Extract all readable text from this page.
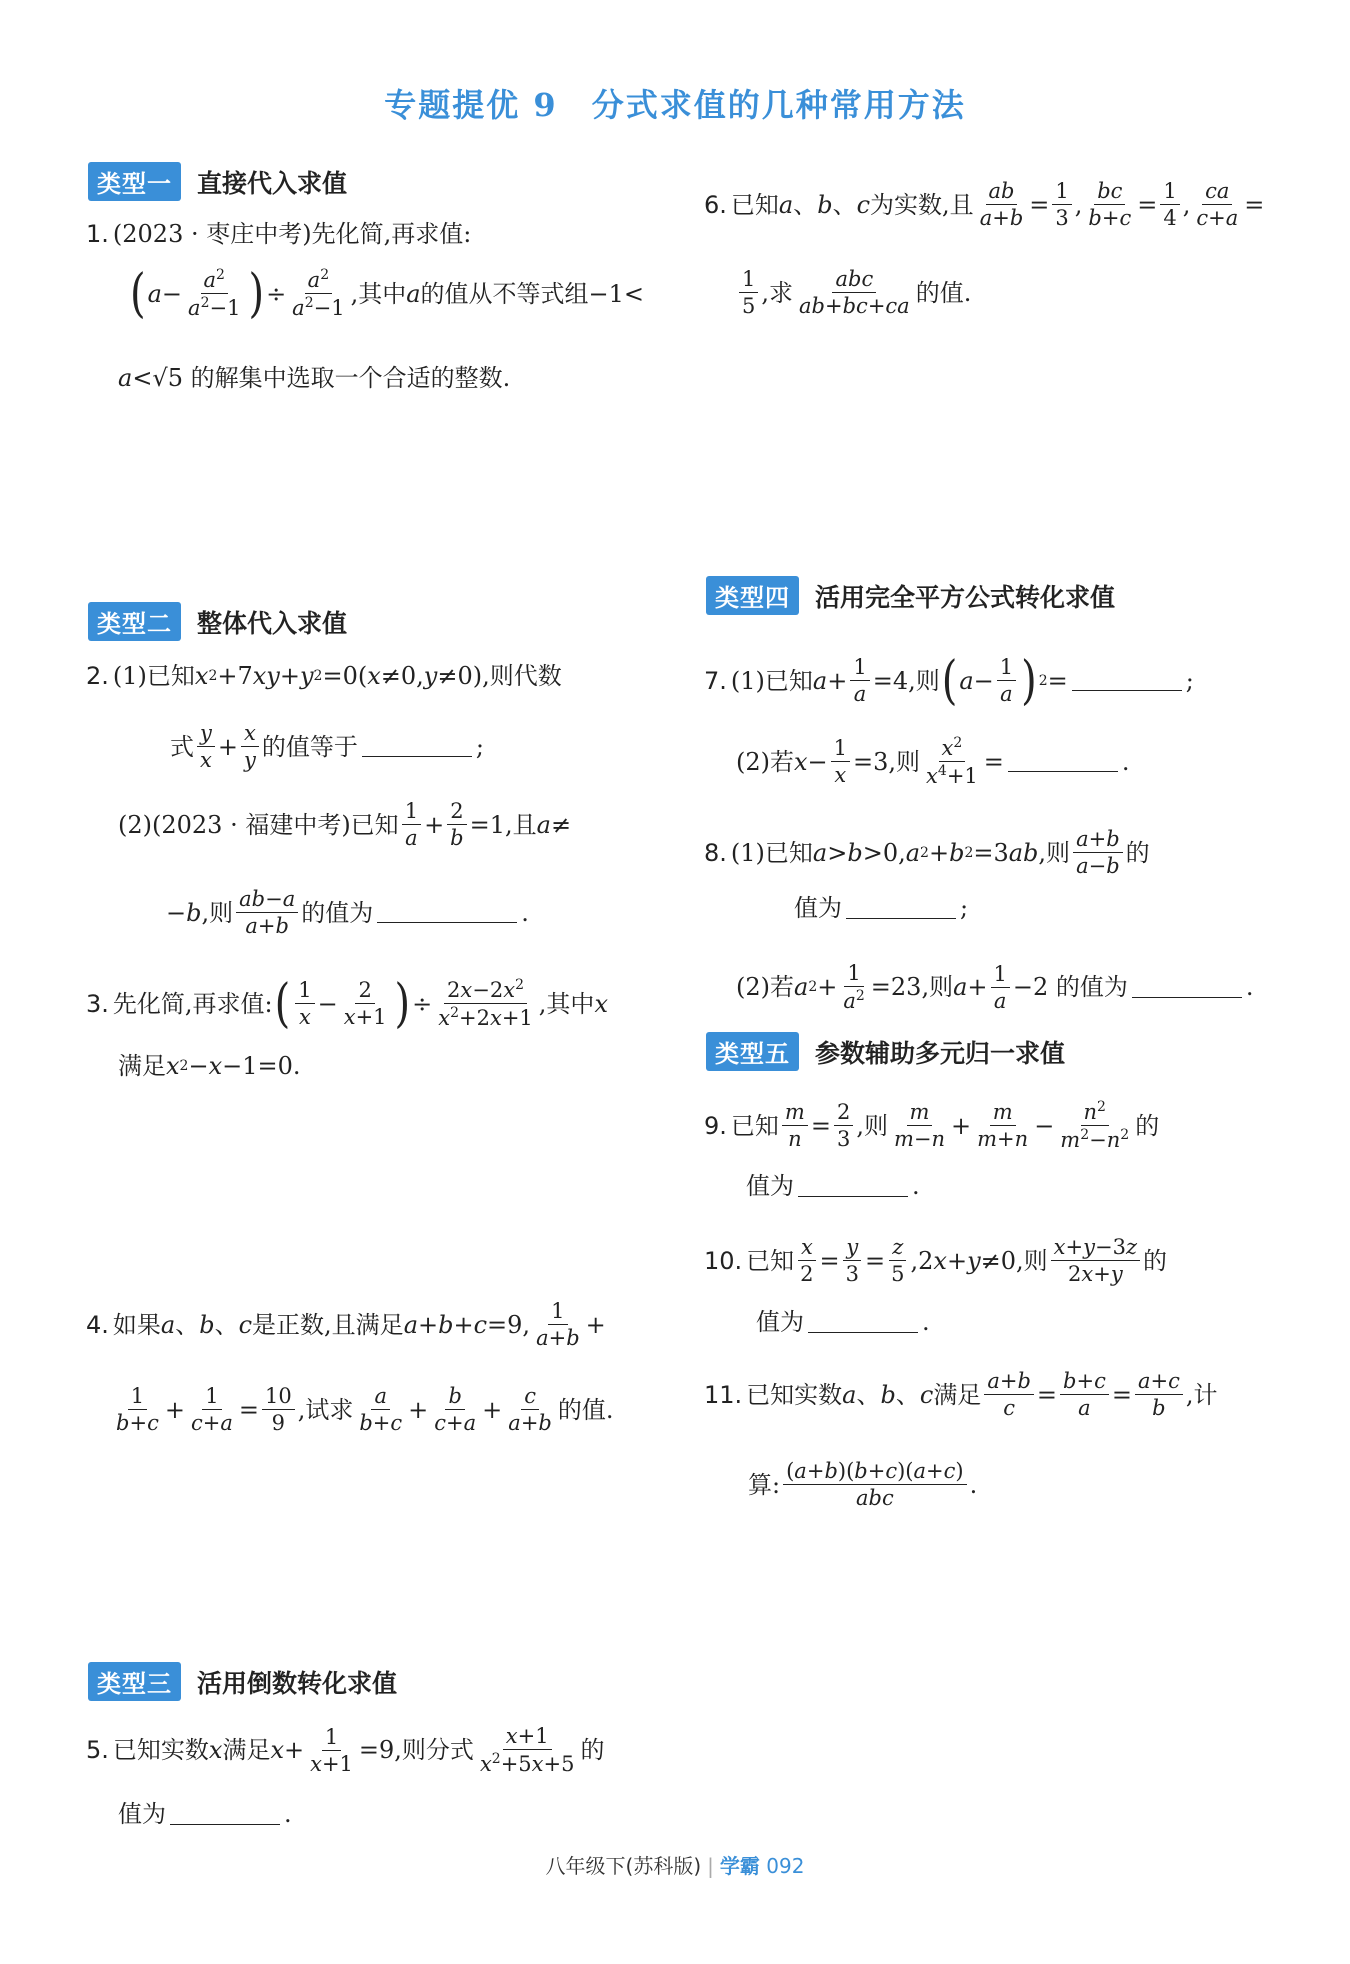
专题提优 9　分式求值的几种常用方法
类型一	直接代入求值
1. (2023 · 枣庄中考)先化简,再求值:
( $a - \frac{a^2}{a^2-1}$ ) ÷ $\frac{a^2}{a^2-1}$ ,其中 a 的值从不等式组−1<
a <√5 的解集中选取一个合适的整数.
类型二	整体代入求值
2. (1)已知 x 2 +7 xy + y 2 =0( x ≠0, y ≠0),则代数
式 $\frac{y}{x} + \frac{x}{y}$ 的值等于	;
(2)(2023 · 福建中考)已知 $\frac{1}{a} + \frac{2}{b} =1$,且 a ≠
− b ,则 $\frac{ab-a}{a+b}$ 的值为	.
3. 先化简,再求值: ( $\frac{1}{x} - \frac{2}{x+1}$ ) ÷ $\frac{2x-2x^2}{x^2+2x+1}$ ,其中 x
满足 x 2 − x −1=0.
4. 如果 a 、 b 、 c 是正数,且满足 a + b + c =9, $\frac{1}{a+b}$ +
$\frac{1}{b+c} + \frac{1}{c+a} = \frac{10}{9}$ ,试求 $\frac{a}{b+c} + \frac{b}{c+a} + \frac{c}{a+b}$ 的值.
类型三	活用倒数转化求值
5. 已知实数 x 满足 $x + \frac{1}{x+1} =9$,则分式 $\frac{x+1}{x^2+5x+5}$ 的
值为	.
6. 已知 a 、 b 、 c 为实数,且 $\frac{ab}{a+b} = \frac{1}{3}$ , $\frac{bc}{b+c} = \frac{1}{4}$ , $\frac{ca}{c+a}$ =
$\frac{1}{5}$ ,求 $\frac{\text{abc}}{ab+bc+ca}$ 的值.
类型四	活用完全平方公式转化求值
7. (1)已知 $a + \frac{1}{a} =4$,则 ( $a - \frac{1}{a}$ ) 2 =	;
(2)若 $x - \frac{1}{x} =3$,则 $\frac{x^2}{x^4+1}$ =	.
8. (1)已知 a > b >0, a 2 + b 2 =3 ab ,则 $\frac{a+b}{a-b}$ 的
值为	;
(2)若 a $2 + \frac{1}{a^2} =23$,则 $a + \frac{1}{a} -2$ 的值为	.
类型五	参数辅助多元归一求值
9. 已知 $\frac{m}{n} = \frac{2}{3}$ ,则 $\frac{m}{m-n} + \frac{m}{m+n} - \frac{n^2}{m^2-n^2}$ 的
值为	.
10. 已知 $\frac{x}{2} = \frac{y}{3} = \frac{z}{5} ,2$ x + y ≠0,则 $\frac{x+y-3z}{2x+y}$ 的
值为	.
11. 已知实数 a 、 b 、 c 满足 $\frac{a+b}{c} = \frac{b+c}{a} = \frac{a+c}{b}$ ,计
算: $\frac{(a+b)(b+c)(a+c)}{\text{abc}}$ .
八年级下(苏科版) | 学霸 092
